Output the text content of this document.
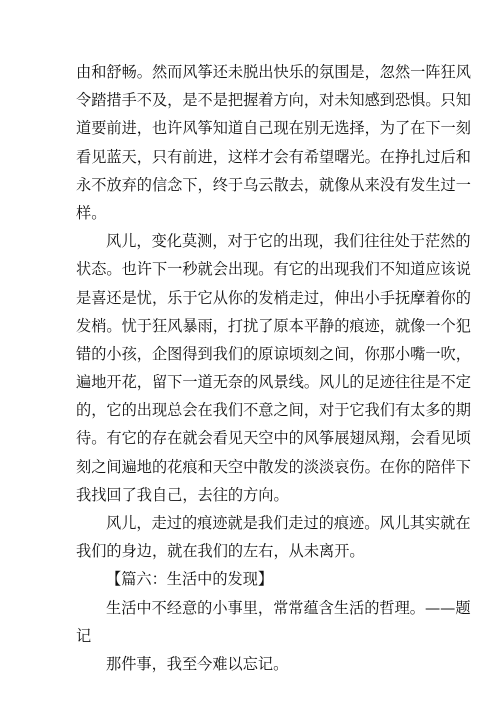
由和舒畅。然而风筝还未脱出快乐的氛围是，忽然一阵狂风
令踏措手不及，是不是把握着方向，对未知感到恐惧。只知
道要前进，也许风筝知道自己现在别无选择，为了在下一刻
看见蓝天，只有前进，这样才会有希望曙光。在挣扎过后和
永不放弃的信念下，终于乌云散去，就像从来没有发生过一
样。
风儿，变化莫测，对于它的出现，我们往往处于茫然的
状态。也许下一秒就会出现。有它的出现我们不知道应该说
是喜还是忧，乐于它从你的发梢走过，伸出小手抚摩着你的
发梢。忧于狂风暴雨，打扰了原本平静的痕迹，就像一个犯
错的小孩，企图得到我们的原谅顷刻之间，你那小嘴一吹，
遍地开花，留下一道无奈的风景线。风儿的足迹往往是不定
的，它的出现总会在我们不意之间，对于它我们有太多的期
待。有它的存在就会看见天空中的风筝展翅凤翔，会看见顷
刻之间遍地的花痕和天空中散发的淡淡哀伤。在你的陪伴下
我找回了我自己，去往的方向。
风儿，走过的痕迹就是我们走过的痕迹。风儿其实就在
我们的身边，就在我们的左右，从未离开。
【篇六：生活中的发现】
生活中不经意的小事里，常常蕴含生活的哲理。——题
记
那件事，我至今难以忘记。
